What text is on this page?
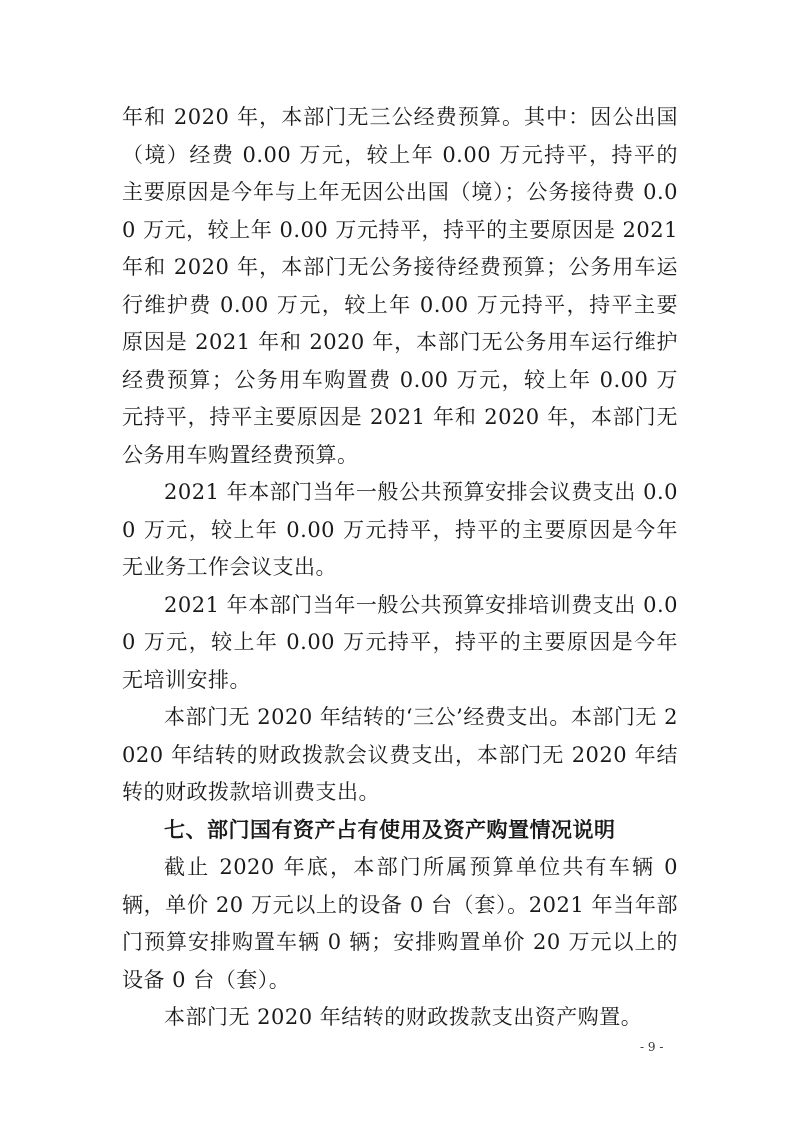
年和 2020 年，本部门无三公经费预算。其中：因公出国（境）经费 0.00 万元，较上年 0.00 万元持平，持平的主要原因是今年与上年无因公出国（境）；公务接待费 0.00 万元，较上年 0.00 万元持平，持平的主要原因是 2021 年和 2020 年，本部门无公务接待经费预算；公务用车运行维护费 0.00 万元，较上年 0.00 万元持平，持平主要原因是 2021 年和 2020 年，本部门无公务用车运行维护经费预算；公务用车购置费 0.00 万元，较上年 0.00 万元持平，持平主要原因是 2021 年和 2020 年，本部门无公务用车购置经费预算。

2021 年本部门当年一般公共预算安排会议费支出 0.00 万元，较上年 0.00 万元持平，持平的主要原因是今年无业务工作会议支出。

2021 年本部门当年一般公共预算安排培训费支出 0.00 万元，较上年 0.00 万元持平，持平的主要原因是今年无培训安排。

本部门无 2020 年结转的‘三公’经费支出。本部门无 2020 年结转的财政拨款会议费支出，本部门无 2020 年结转的财政拨款培训费支出。

七、部门国有资产占有使用及资产购置情况说明

截止 2020 年底，本部门所属预算单位共有车辆 0 辆，单价 20 万元以上的设备 0 台（套）。2021 年当年部门预算安排购置车辆 0 辆；安排购置单价 20 万元以上的设备 0 台（套）。

本部门无 2020 年结转的财政拨款支出资产购置。

- 9 -
